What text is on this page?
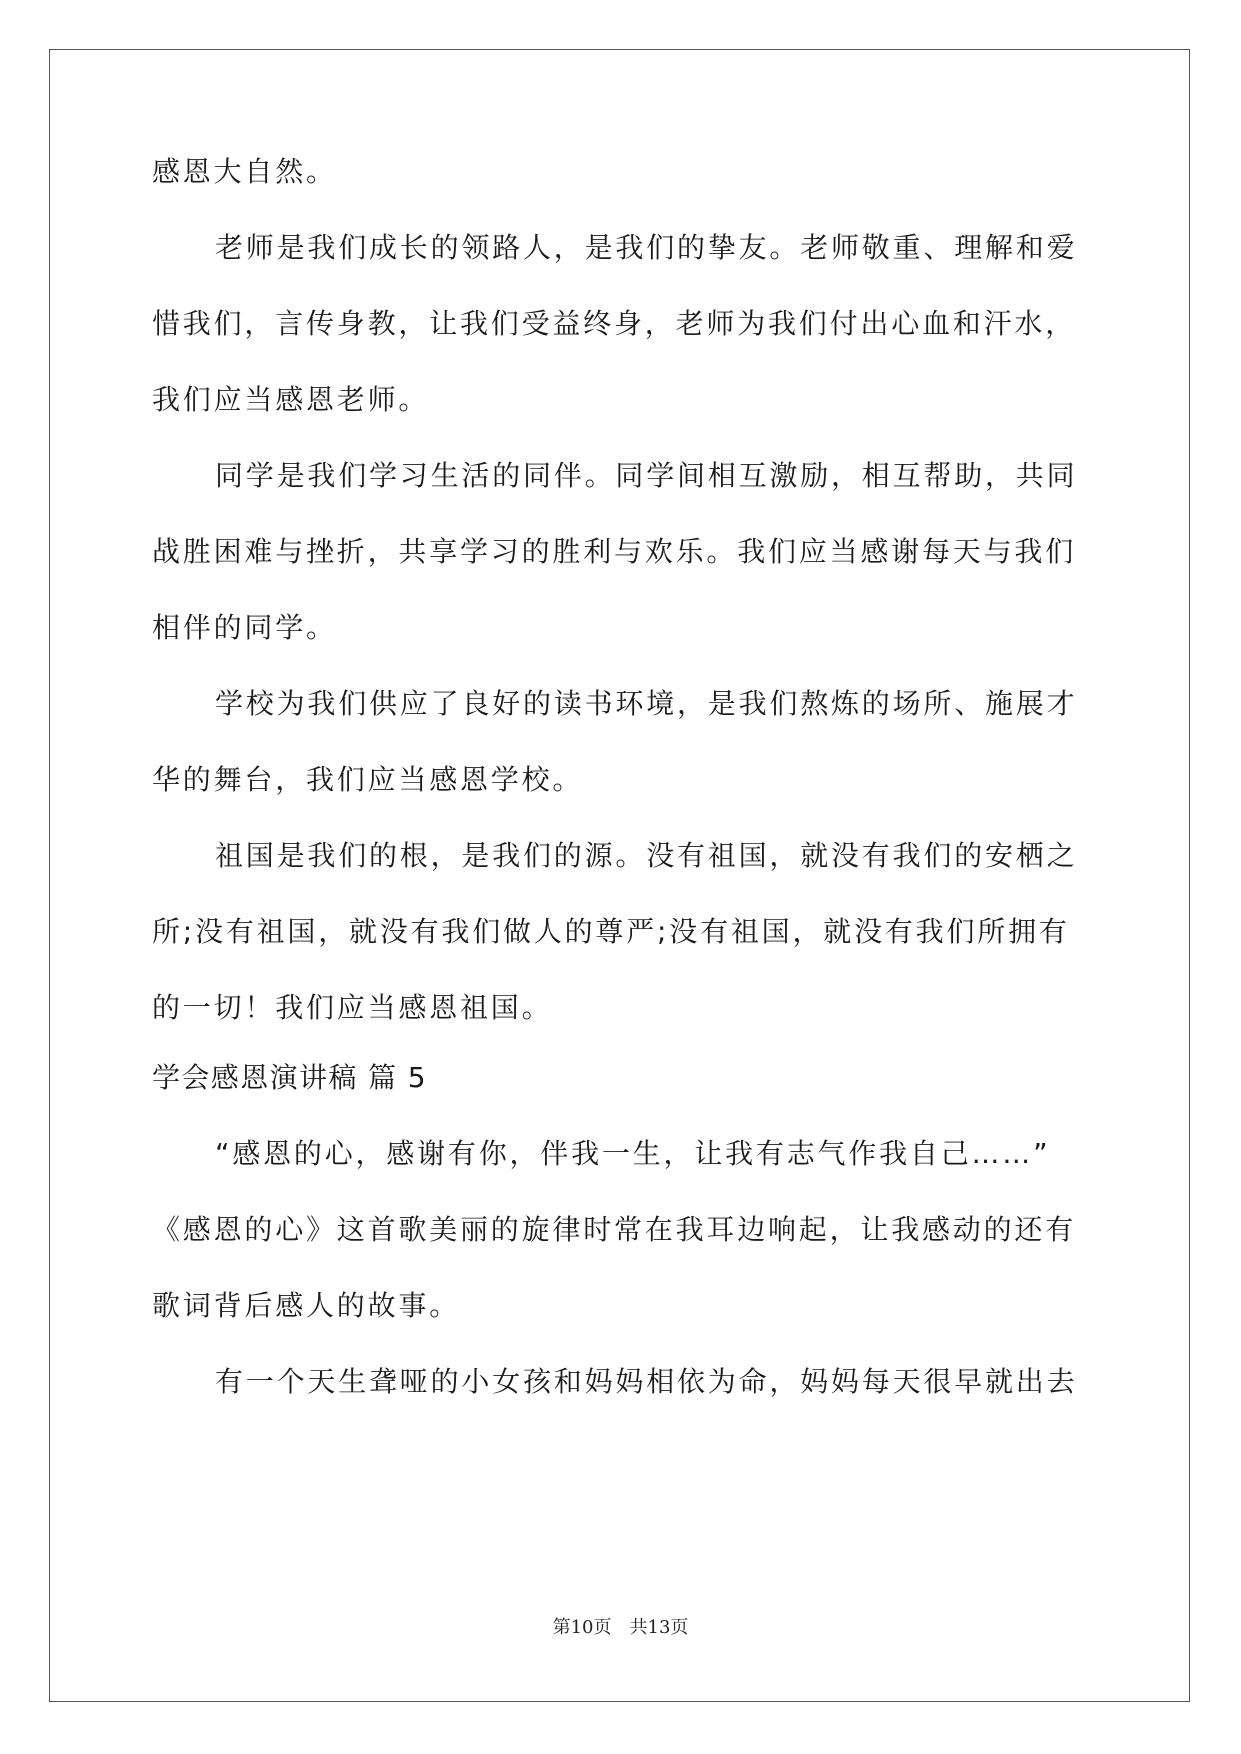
感恩大自然。
老师是我们成长的领路人，是我们的挚友。老师敬重、理解和爱
惜我们，言传身教，让我们受益终身，老师为我们付出心血和汗水，
我们应当感恩老师。
同学是我们学习生活的同伴。同学间相互激励，相互帮助，共同
战胜困难与挫折，共享学习的胜利与欢乐。我们应当感谢每天与我们
相伴的同学。
学校为我们供应了良好的读书环境，是我们熬炼的场所、施展才
华的舞台，我们应当感恩学校。
祖国是我们的根，是我们的源。没有祖国，就没有我们的安栖之
所;没有祖国，就没有我们做人的尊严;没有祖国，就没有我们所拥有
的一切！我们应当感恩祖国。
学会感恩演讲稿 篇 5
“感恩的心，感谢有你，伴我一生，让我有志气作我自己……”
《感恩的心》这首歌美丽的旋律时常在我耳边响起，让我感动的还有
歌词背后感人的故事。
有一个天生聋哑的小女孩和妈妈相依为命，妈妈每天很早就出去
第10页 共13页
